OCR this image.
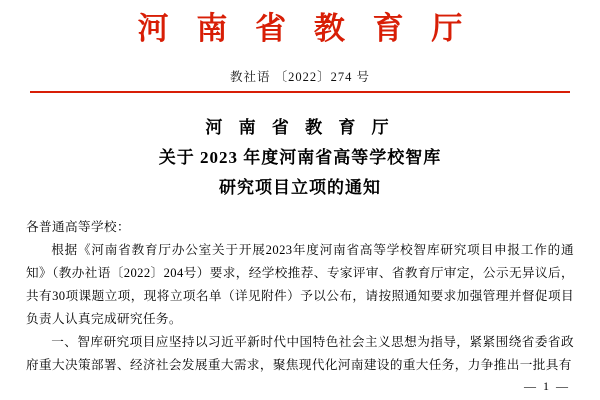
河 南 省 教 育 厅
教社语 〔2022〕274 号
河 南 省 教 育 厅
关于 2023 年度河南省高等学校智库
研究项目立项的通知

各普通高等学校：

根据《河南省教育厅办公室关于开展2023年度河南省高等学校智库研究项目申报工作的通知》（教办社语〔2022〕204号）要求，经学校推荐、专家评审、省教育厅审定，公示无异议后，共有30项课题立项，现将立项名单（详见附件）予以公布，请按照通知要求加强管理并督促项目负责人认真完成研究任务。

一、智库研究项目应坚持以习近平新时代中国特色社会主义思想为指导，紧紧围绕省委省政府重大决策部署、经济社会发展重大需求，聚焦现代化河南建设的重大任务，力争推出一批具有

— 1 —
